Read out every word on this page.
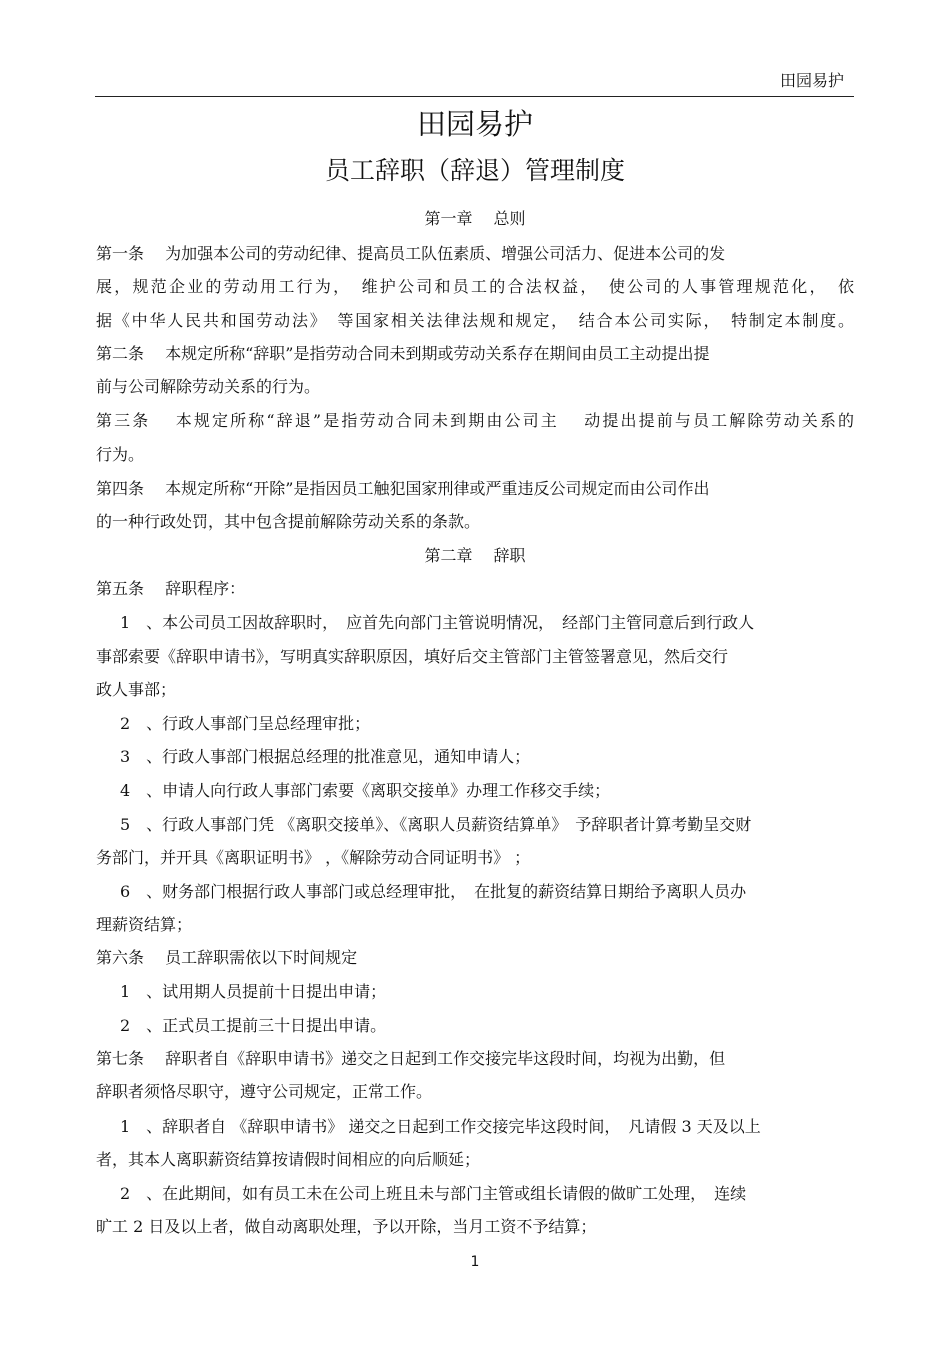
田园易护
田园易护
员工辞职（辞退）管理制度
第一章　 总则
第一条　 为加强本公司的劳动纪律、提高员工队伍素质、增强公司活力、促进本公司的发
展，规范企业的劳动用工行为，　维护公司和员工的合法权益，　使公司的人事管理规范化，　依
据《中华人民共和国劳动法》　等国家相关法律法规和规定，　结合本公司实际，　特制定本制度。
第二条　 本规定所称“辞职”是指劳动合同未到期或劳动关系存在期间由员工主动提出提
前与公司解除劳动关系的行为。
第三条　 本规定所称“辞退”是指劳动合同未到期由公司主　 动提出提前与员工解除劳动关系的
行为。
第四条　 本规定所称“开除”是指因员工触犯国家刑律或严重违反公司规定而由公司作出
的一种行政处罚，其中包含提前解除劳动关系的条款。
第二章　 辞职
第五条　 辞职程序：
1　、本公司员工因故辞职时，　应首先向部门主管说明情况，　经部门主管同意后到行政人
事部索要《辞职申请书》，写明真实辞职原因，填好后交主管部门主管签署意见，然后交行
政人事部；
2　、行政人事部门呈总经理审批；
3　、行政人事部门根据总经理的批准意见，通知申请人；
4　、申请人向行政人事部门索要《离职交接单》办理工作移交手续；
5　、行政人事部门凭 《离职交接单》、《离职人员薪资结算单》　予辞职者计算考勤呈交财
务部门，并开具《离职证明书》 ，《解除劳动合同证明书》 ；
6　、财务部门根据行政人事部门或总经理审批，　在批复的薪资结算日期给予离职人员办
理薪资结算；
第六条　 员工辞职需依以下时间规定
1　、试用期人员提前十日提出申请；
2　、正式员工提前三十日提出申请。
第七条　 辞职者自《辞职申请书》递交之日起到工作交接完毕这段时间，均视为出勤，但
辞职者须恪尽职守，遵守公司规定，正常工作。
1　、辞职者自 《辞职申请书》 递交之日起到工作交接完毕这段时间，　凡请假 3 天及以上
者，其本人离职薪资结算按请假时间相应的向后顺延；
2　、在此期间，如有员工未在公司上班且未与部门主管或组长请假的做旷工处理，　连续
旷工 2 日及以上者，做自动离职处理，予以开除，当月工资不予结算；
1
